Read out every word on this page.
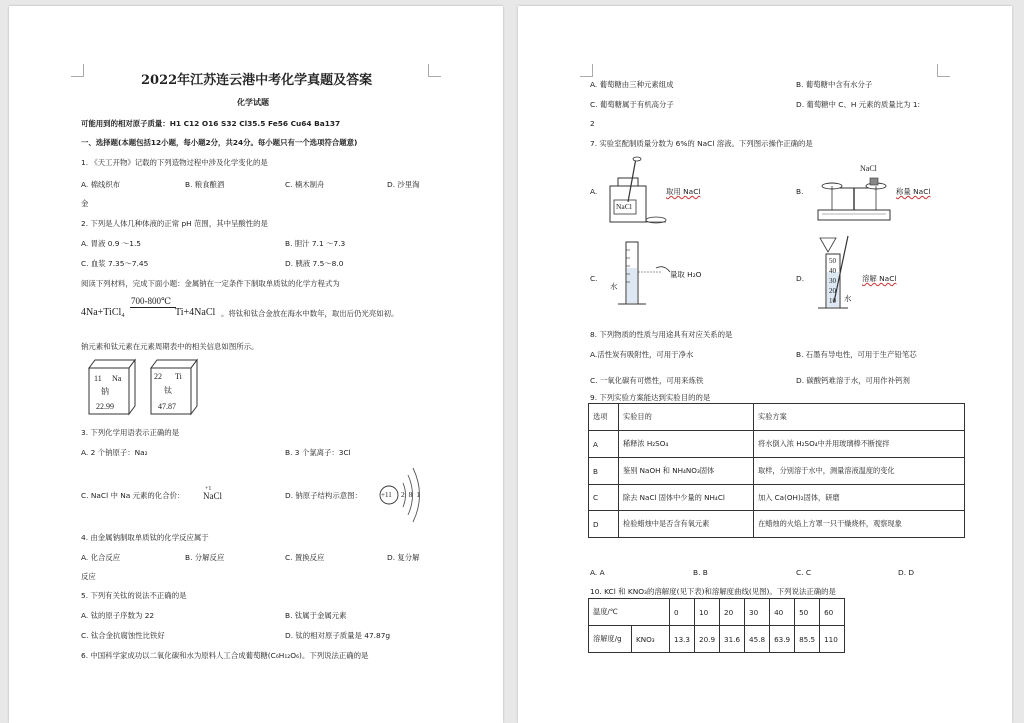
2022年江苏连云港中考化学真题及答案
化学试题
可能用到的相对原子质量：H1 C12 O16 S32 Cl35.5 Fe56 Cu64 Ba137
一、选择题(本题包括12小题，每小题2分，共24分。每小题只有一个选项符合题意)
1. 《天工开物》记载的下列造物过程中涉及化学变化的是
A. 棉线织布	B. 粮食酿酒	C. 楠木制舟	D. 沙里淘
金
2. 下列是人体几种体液的正常 pH 范围，其中呈酸性的是
A. 胃液 0.9 ～1.5	B. 胆汁 7.1 ～7.3
C. 血浆 7.35～7.45	D. 胰液 7.5～8.0
阅读下列材料，完成下面小题：金属钠在一定条件下制取单质钛的化学方程式为
4Na+TiCl₄
700-800℃
Ti+4NaCl 。将钛和钛合金放在海水中数年，取出后仍光亮如初。
钠元素和钛元素在元素周期表中的相关信息如图所示。
11 Na
钠
22.99
22 Ti
钛
47.87
3. 下列化学用语表示正确的是
A. 2 个钠原子：Na₂	B. 3 个氯离子：3Cl
C. NaCl 中 Na 元素的化合价：
+1
NaCl	D. 钠原子结构示意图：	+11 2 8 1
4. 由金属钠制取单质钛的化学反应属于
A. 化合反应	B. 分解反应	C. 置换反应	D. 复分解
反应
5. 下列有关钛的说法不正确的是
A. 钛的原子序数为 22	B. 钛属于金属元素
C. 钛合金抗腐蚀性比铁好	D. 钛的相对原子质量是 47.87g
6. 中国科学家成功以二氧化碳和水为原料人工合成葡萄糖(C₆H₁₂O₆)。下列说法正确的是
A. 葡萄糖由三种元素组成	B. 葡萄糖中含有水分子
C. 葡萄糖属于有机高分子	D. 葡萄糖中 C、H 元素的质量比为 1:
2
7. 实验室配制质量分数为 6%的 NaCl 溶液。下列图示操作正确的是
A.
NaCl
取用 NaCl	B.
NaCl
称量 NaCl
C.
水
量取 H₂O	D.
50
40
30
20
10 水
溶解 NaCl
8. 下列物质的性质与用途具有对应关系的是
A.活性炭有吸附性，可用于净水	B. 石墨有导电性，可用于生产铅笔芯
C. 一氧化碳有可燃性，可用来炼铁	D. 碳酸钙难溶于水，可用作补钙剂
9. 下列实验方案能达到实验目的的是
选项	实验目的	实验方案
A	稀释浓 H₂SO₄	将水倒入浓 H₂SO₄中并用玻璃棒不断搅拌
B	鉴别 NaOH 和 NH₄NO₃固体	取样，分别溶于水中，测量溶液温度的变化
C	除去 NaCl 固体中少量的 NH₄Cl	加入 Ca(OH)₂固体，研磨
D	检验蜡烛中是否含有氧元素	在蜡烛的火焰上方罩一只干燥烧杯，观察现象
A. A	B. B	C. C	D. D
10. KCl 和 KNO₃的溶解度(见下表)和溶解度曲线(见图)。下列说法正确的是
温度/℃		0	10	20	30	40	50	60
溶解度/g	KNO₃	13.3	20.9	31.6	45.8	63.9	85.5	110
